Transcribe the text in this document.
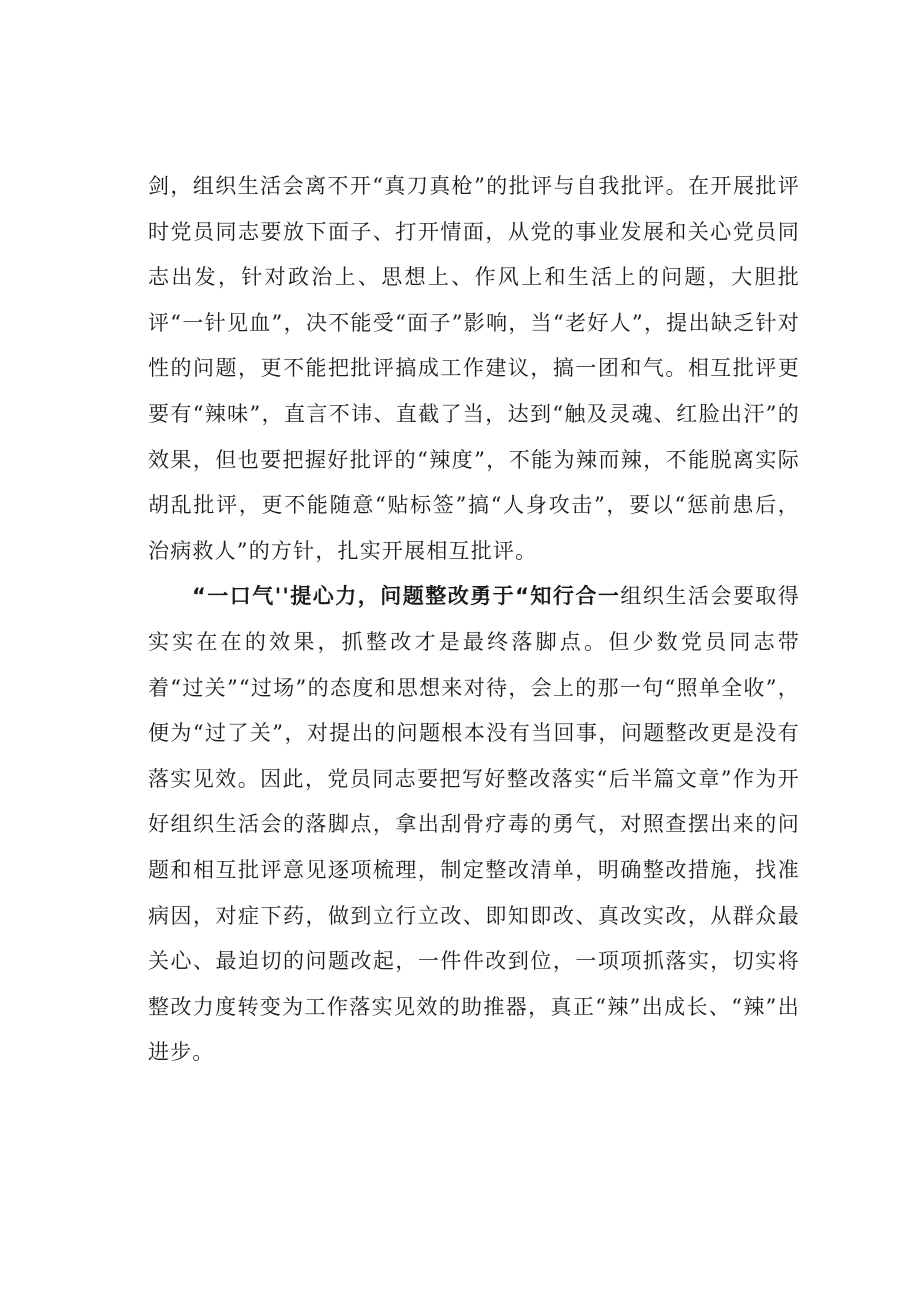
剑，组织生活会离不开“真刀真枪”的批评与自我批评。在开展批评时党员同志要放下面子、打开情面，从党的事业发展和关心党员同志出发，针对政治上、思想上、作风上和生活上的问题，大胆批评“一针见血”，决不能受“面子”影响，当“老好人”，提出缺乏针对性的问题，更不能把批评搞成工作建议，搞一团和气。相互批评更要有“辣味”，直言不讳、直截了当，达到“触及灵魂、红脸出汗”的效果，但也要把握好批评的“辣度”，不能为辣而辣，不能脱离实际胡乱批评，更不能随意“贴标签”搞“人身攻击”，要以“惩前患后，治病救人”的方针，扎实开展相互批评。

“一口气''提心力，问题整改勇于“知行合一组织生活会要取得实实在在的效果，抓整改才是最终落脚点。但少数党员同志带着“过关”“过场”的态度和思想来对待，会上的那一句“照单全收”，便为“过了关”，对提出的问题根本没有当回事，问题整改更是没有落实见效。因此，党员同志要把写好整改落实“后半篇文章”作为开好组织生活会的落脚点，拿出刮骨疗毒的勇气，对照查摆出来的问题和相互批评意见逐项梳理，制定整改清单，明确整改措施，找准病因，对症下药，做到立行立改、即知即改、真改实改，从群众最关心、最迫切的问题改起，一件件改到位，一项项抓落实，切实将整改力度转变为工作落实见效的助推器，真正“辣”出成长、“辣”出进步。
